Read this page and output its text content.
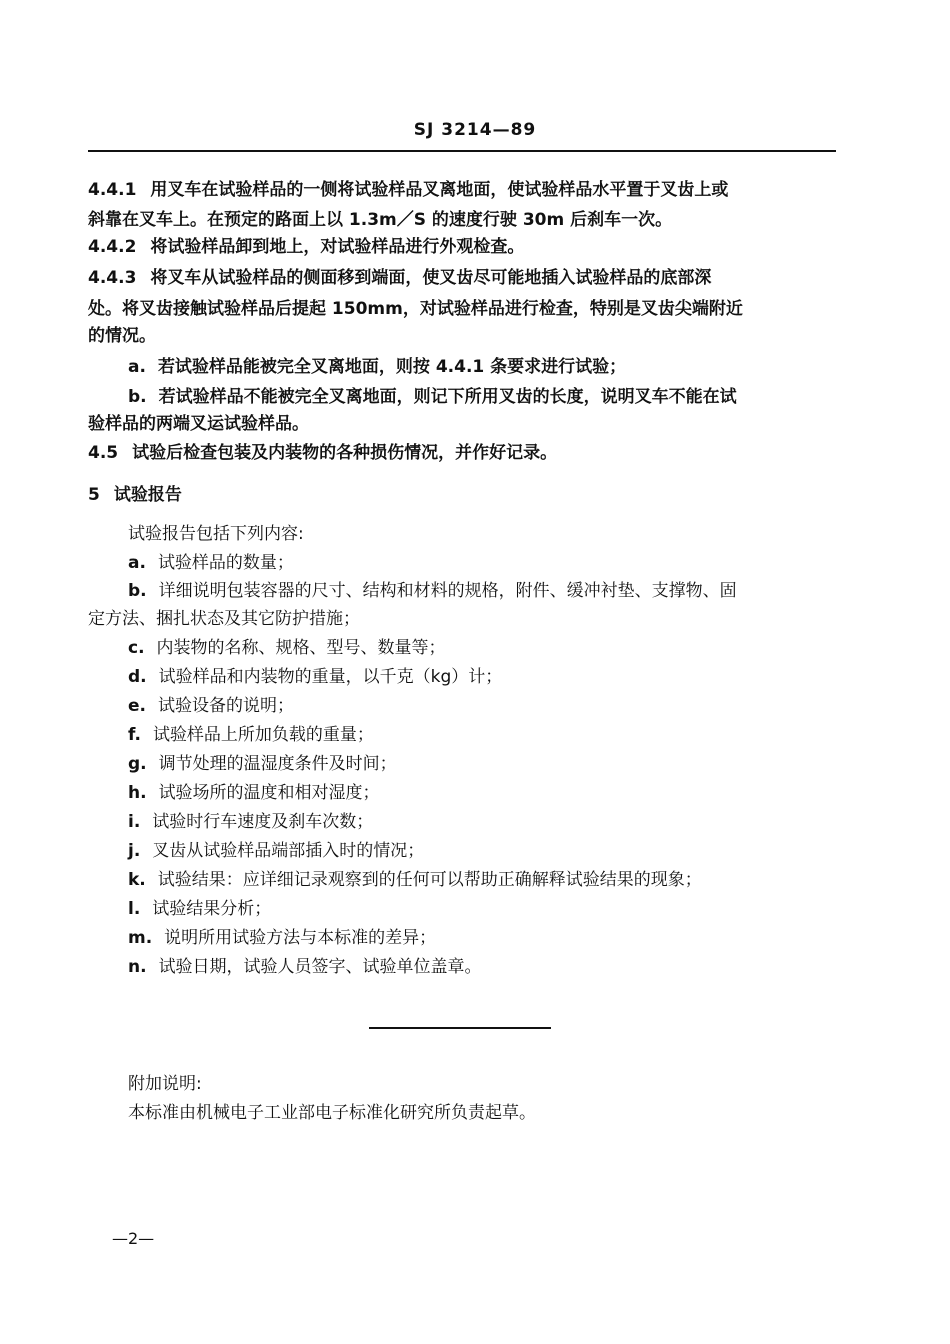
SJ 3214—89
4.4.1 用叉车在试验样品的一侧将试验样品叉离地面，使试验样品水平置于叉齿上或
斜靠在叉车上。在预定的路面上以 1.3m／S 的速度行驶 30m 后刹车一次。
4.4.2 将试验样品卸到地上，对试验样品进行外观检查。
4.4.3 将叉车从试验样品的侧面移到端面，使叉齿尽可能地插入试验样品的底部深
处。将叉齿接触试验样品后提起 150mm，对试验样品进行检查，特别是叉齿尖端附近
的情况。
a. 若试验样品能被完全叉离地面，则按 4.4.1 条要求进行试验；
b. 若试验样品不能被完全叉离地面，则记下所用叉齿的长度，说明叉车不能在试
验样品的两端叉运试验样品。
4.5 试验后检查包装及内装物的各种损伤情况，并作好记录。
5 试验报告
试验报告包括下列内容:
a. 试验样品的数量；
b. 详细说明包装容器的尺寸、结构和材料的规格，附件、缓冲衬垫、支撑物、固
定方法、捆扎状态及其它防护措施；
c. 内装物的名称、规格、型号、数量等；
d. 试验样品和内装物的重量，以千克（kg）计；
e. 试验设备的说明；
f. 试验样品上所加负载的重量；
g. 调节处理的温湿度条件及时间；
h. 试验场所的温度和相对湿度；
i. 试验时行车速度及刹车次数；
j. 叉齿从试验样品端部插入时的情况；
k. 试验结果：应详细记录观察到的任何可以帮助正确解释试验结果的现象；
l. 试验结果分析；
m. 说明所用试验方法与本标准的差异；
n. 试验日期，试验人员签字、试验单位盖章。
附加说明:
本标准由机械电子工业部电子标准化研究所负责起草。
—2—
